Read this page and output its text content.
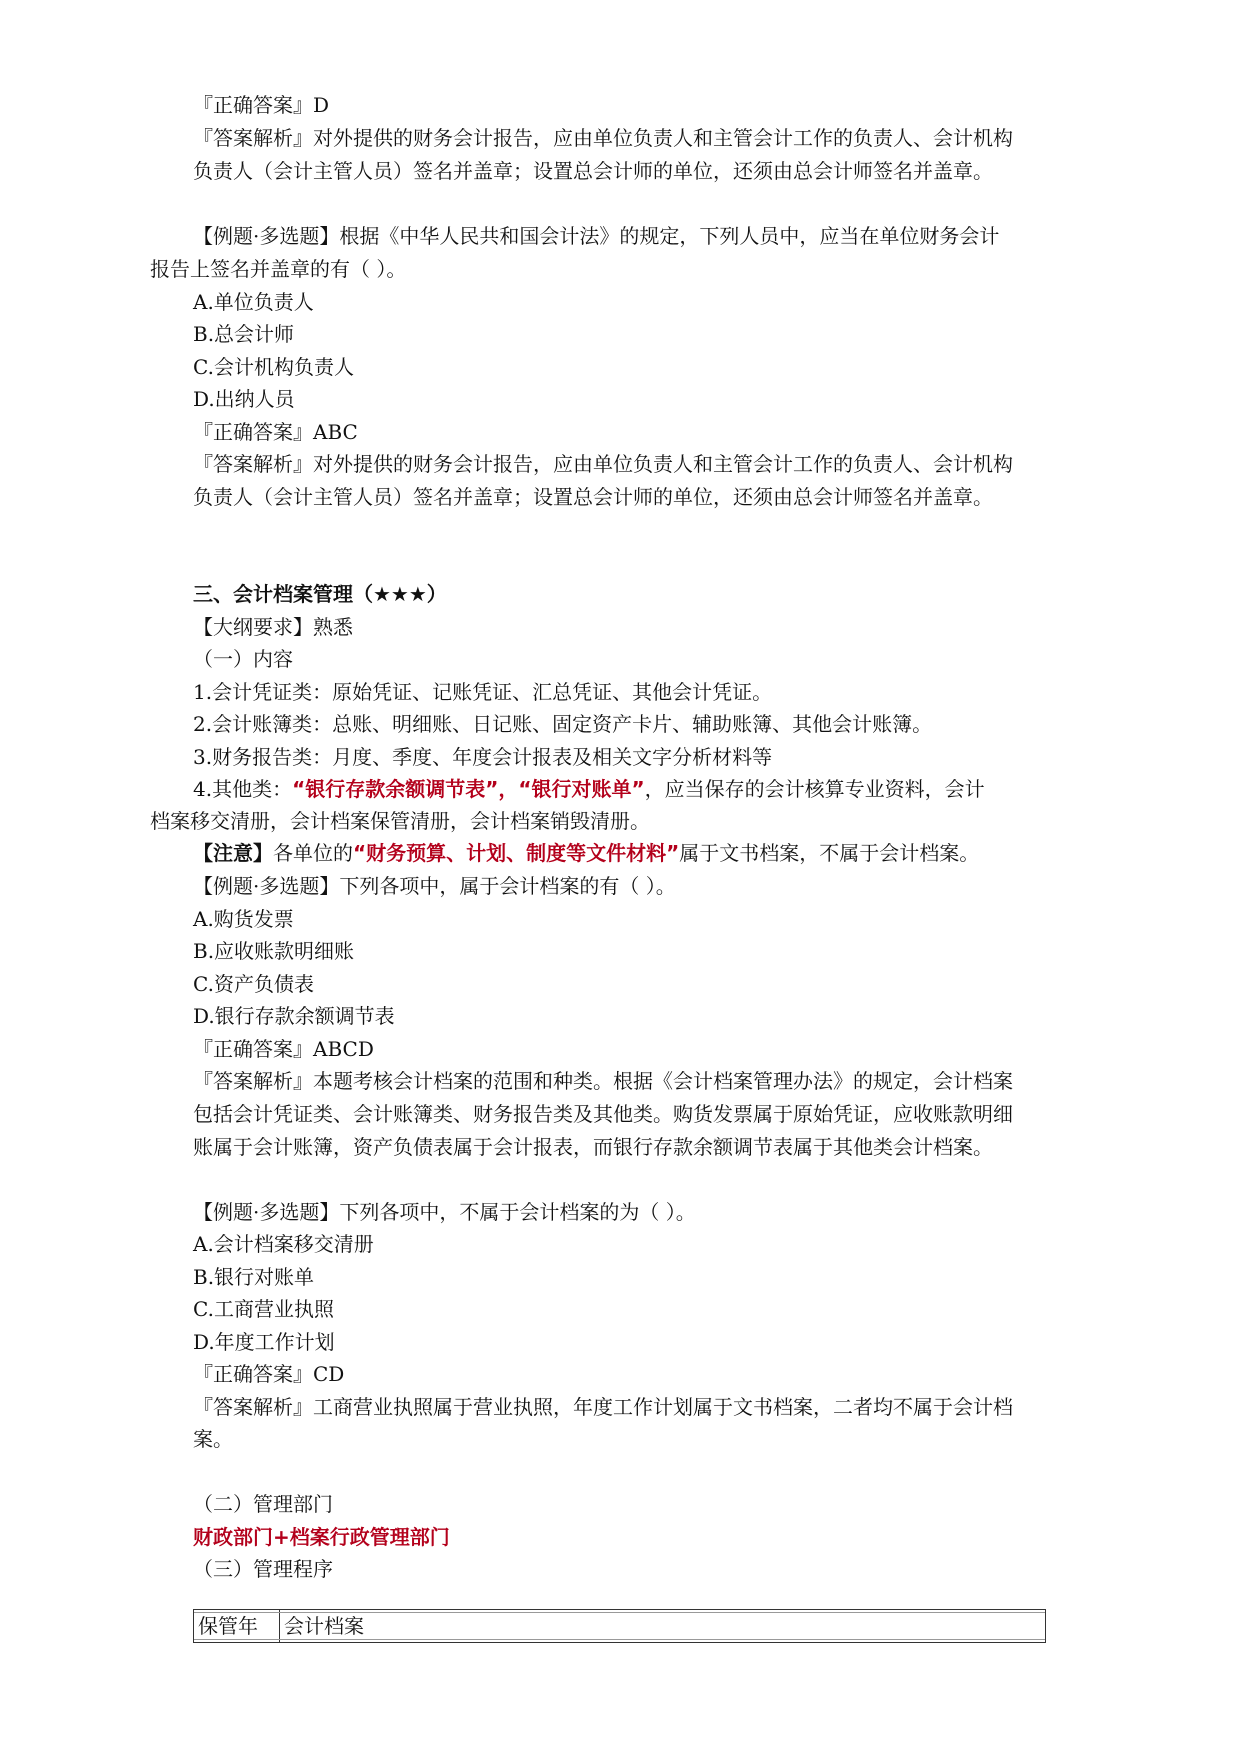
『正确答案』D
『答案解析』对外提供的财务会计报告，应由单位负责人和主管会计工作的负责人、会计机构
负责人（会计主管人员）签名并盖章；设置总会计师的单位，还须由总会计师签名并盖章。
【例题·多选题】根据《中华人民共和国会计法》的规定，下列人员中，应当在单位财务会计
报告上签名并盖章的有（ ）。
A.单位负责人
B.总会计师
C.会计机构负责人
D.出纳人员
『正确答案』ABC
『答案解析』对外提供的财务会计报告，应由单位负责人和主管会计工作的负责人、会计机构
负责人（会计主管人员）签名并盖章；设置总会计师的单位，还须由总会计师签名并盖章。
三、会计档案管理（★★★）
【大纲要求】熟悉
（一）内容
1.会计凭证类：原始凭证、记账凭证、汇总凭证、其他会计凭证。
2.会计账簿类：总账、明细账、日记账、固定资产卡片、辅助账簿、其他会计账簿。
3.财务报告类：月度、季度、年度会计报表及相关文字分析材料等
4.其他类：“银行存款余额调节表”，“银行对账单”，应当保存的会计核算专业资料，会计
档案移交清册，会计档案保管清册，会计档案销毁清册。
【注意】各单位的“财务预算、计划、制度等文件材料”属于文书档案，不属于会计档案。
【例题·多选题】下列各项中，属于会计档案的有（ ）。
A.购货发票
B.应收账款明细账
C.资产负债表
D.银行存款余额调节表
『正确答案』ABCD
『答案解析』本题考核会计档案的范围和种类。根据《会计档案管理办法》的规定，会计档案
包括会计凭证类、会计账簿类、财务报告类及其他类。购货发票属于原始凭证，应收账款明细
账属于会计账簿，资产负债表属于会计报表，而银行存款余额调节表属于其他类会计档案。
【例题·多选题】下列各项中，不属于会计档案的为（ ）。
A.会计档案移交清册
B.银行对账单
C.工商营业执照
D.年度工作计划
『正确答案』CD
『答案解析』工商营业执照属于营业执照，年度工作计划属于文书档案，二者均不属于会计档
案。
（二）管理部门
财政部门+档案行政管理部门
（三）管理程序
保管年 会计档案
